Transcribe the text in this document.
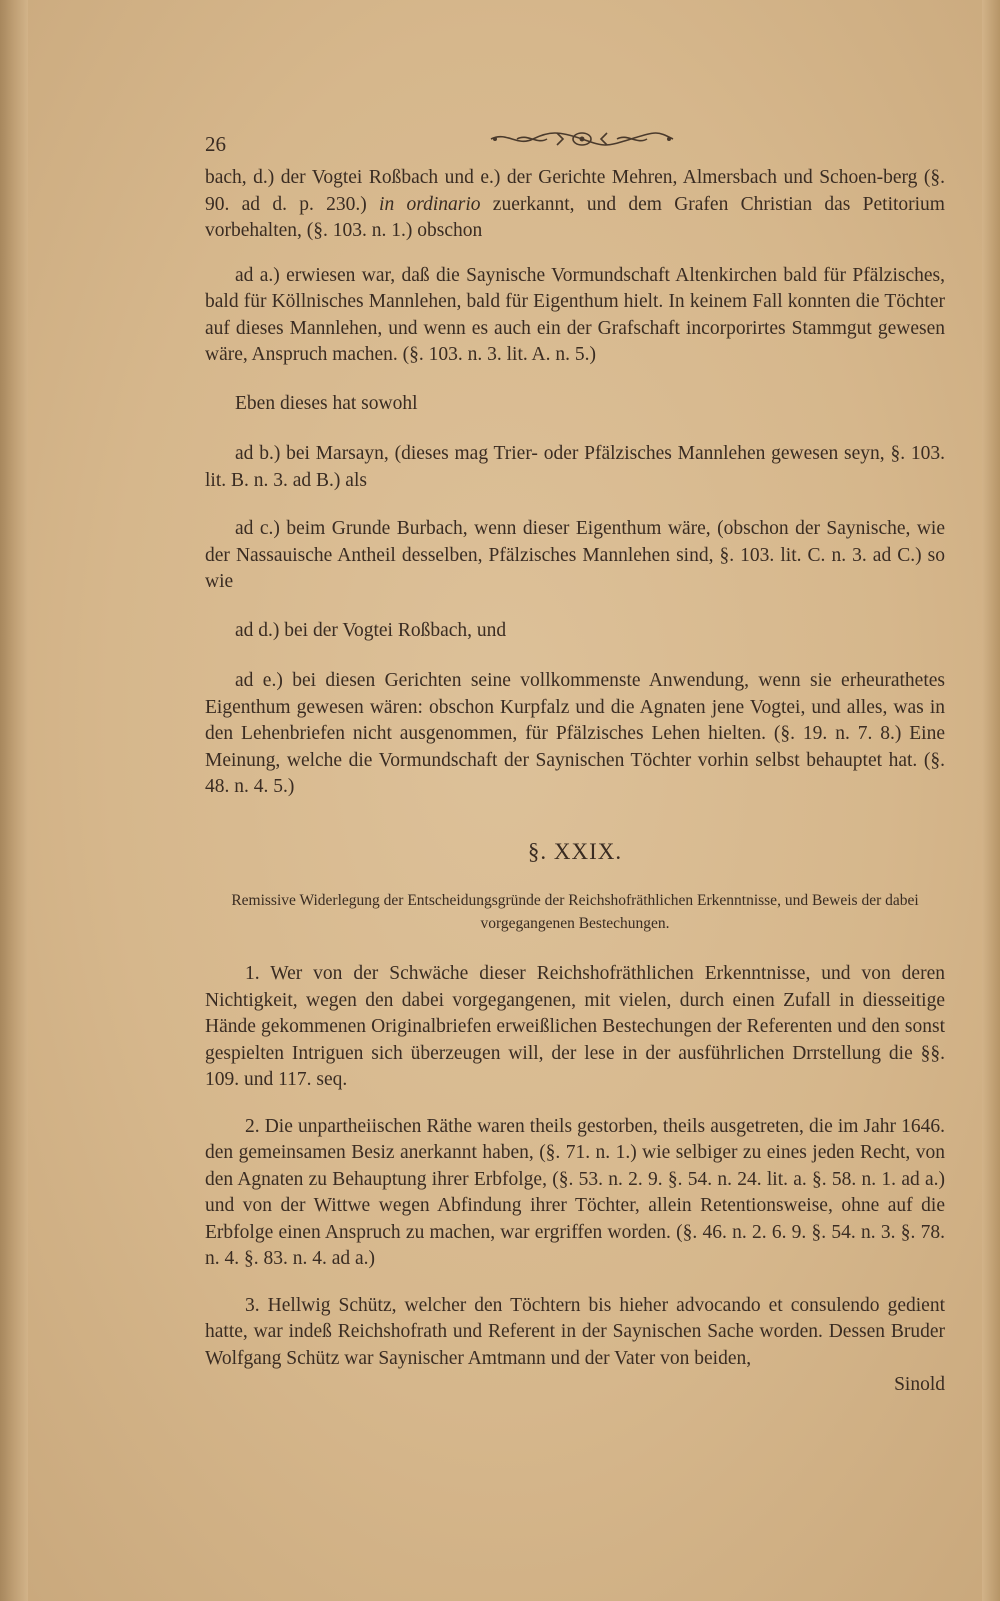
26

bach, d.) der Vogtei Roßbach und e.) der Gerichte Mehren, Almersbach und Schoen-berg (§. 90. ad d. p. 230.) in ordinario zuerkannt, und dem Grafen Christian das Petitorium vorbehalten, (§. 103. n. 1.) obschon

ad a.) erwiesen war, daß die Saynische Vormundschaft Altenkirchen bald für Pfälzisches, bald für Köllnisches Mannlehen, bald für Eigenthum hielt. In keinem Fall konnten die Töchter auf dieses Mannlehen, und wenn es auch ein der Grafschaft incorporirtes Stammgut gewesen wäre, Anspruch machen. (§. 103. n. 3. lit. A. n. 5.)

Eben dieses hat sowohl

ad b.) bei Marsayn, (dieses mag Trier- oder Pfälzisches Mannlehen gewesen seyn, §. 103. lit. B. n. 3. ad B.) als

ad c.) beim Grunde Burbach, wenn dieser Eigenthum wäre, (obschon der Saynische, wie der Nassauische Antheil desselben, Pfälzisches Mannlehen sind, §. 103. lit. C. n. 3. ad C.) so wie

ad d.) bei der Vogtei Roßbach, und

ad e.) bei diesen Gerichten seine vollkommenste Anwendung, wenn sie erheurathetes Eigenthum gewesen wären: obschon Kurpfalz und die Agnaten jene Vogtei, und alles, was in den Lehenbriefen nicht ausgenommen, für Pfälzisches Lehen hielten. (§. 19. n. 7. 8.) Eine Meinung, welche die Vormundschaft der Saynischen Töchter vorhin selbst behauptet hat. (§. 48. n. 4. 5.)

§. XXIX.
Remissive Widerlegung der Entscheidungsgründe der Reichshofräthlichen Erkenntnisse, und Beweis der dabei vorgegangenen Bestechungen.

1. Wer von der Schwäche dieser Reichshofräthlichen Erkenntnisse, und von deren Nichtigkeit, wegen den dabei vorgegangenen, mit vielen, durch einen Zufall in diesseitige Hände gekommenen Originalbriefen erweißlichen Bestechungen der Referenten und den sonst gespielten Intriguen sich überzeugen will, der lese in der ausführlichen Drrstellung die §§. 109. und 117. seq.

2. Die unpartheiischen Räthe waren theils gestorben, theils ausgetreten, die im Jahr 1646. den gemeinsamen Besiz anerkannt haben, (§. 71. n. 1.) wie selbiger zu eines jeden Recht, von den Agnaten zu Behauptung ihrer Erbfolge, (§. 53. n. 2. 9. §. 54. n. 24. lit. a. §. 58. n. 1. ad a.) und von der Wittwe wegen Abfindung ihrer Töchter, allein Retentionsweise, ohne auf die Erbfolge einen Anspruch zu machen, war ergriffen worden. (§. 46. n. 2. 6. 9. §. 54. n. 3. §. 78. n. 4. §. 83. n. 4. ad a.)

3. Hellwig Schütz, welcher den Töchtern bis hieher advocando et consulendo gedient hatte, war indeß Reichshofrath und Referent in der Saynischen Sache worden. Dessen Bruder Wolfgang Schütz war Saynischer Amtmann und der Vater von beiden,

Sinold
